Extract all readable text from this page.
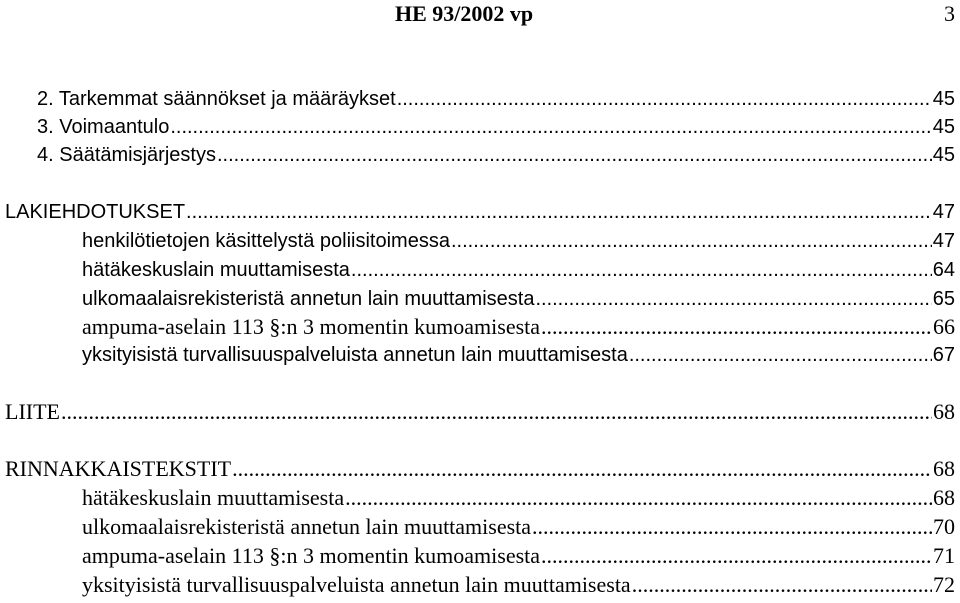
HE 93/2002 vp	3
2. Tarkemmat säännökset ja määräykset .....	45
3. Voimaantulo .....	45
4. Säätämisjärjestys .....	45
LAKIEHDOTUKSET .....	47
henkilötietojen käsittelystä poliisitoimessa .....	47
hätäkeskuslain muuttamisesta .....	64
ulkomaalaisrekisteristä annetun lain muuttamisesta .....	65
ampuma-aselain 113 §:n 3 momentin kumoamisesta .....	66
yksityisistä turvallisuuspalveluista annetun lain muuttamisesta .....	67
LIITE .....	68
RINNAKKAISTEKSTIT .....	68
hätäkeskuslain muuttamisesta .....	68
ulkomaalaisrekisteristä annetun lain muuttamisesta .....	70
ampuma-aselain 113 §:n 3 momentin kumoamisesta .....	71
yksityisistä turvallisuuspalveluista annetun lain muuttamisesta .....	72
